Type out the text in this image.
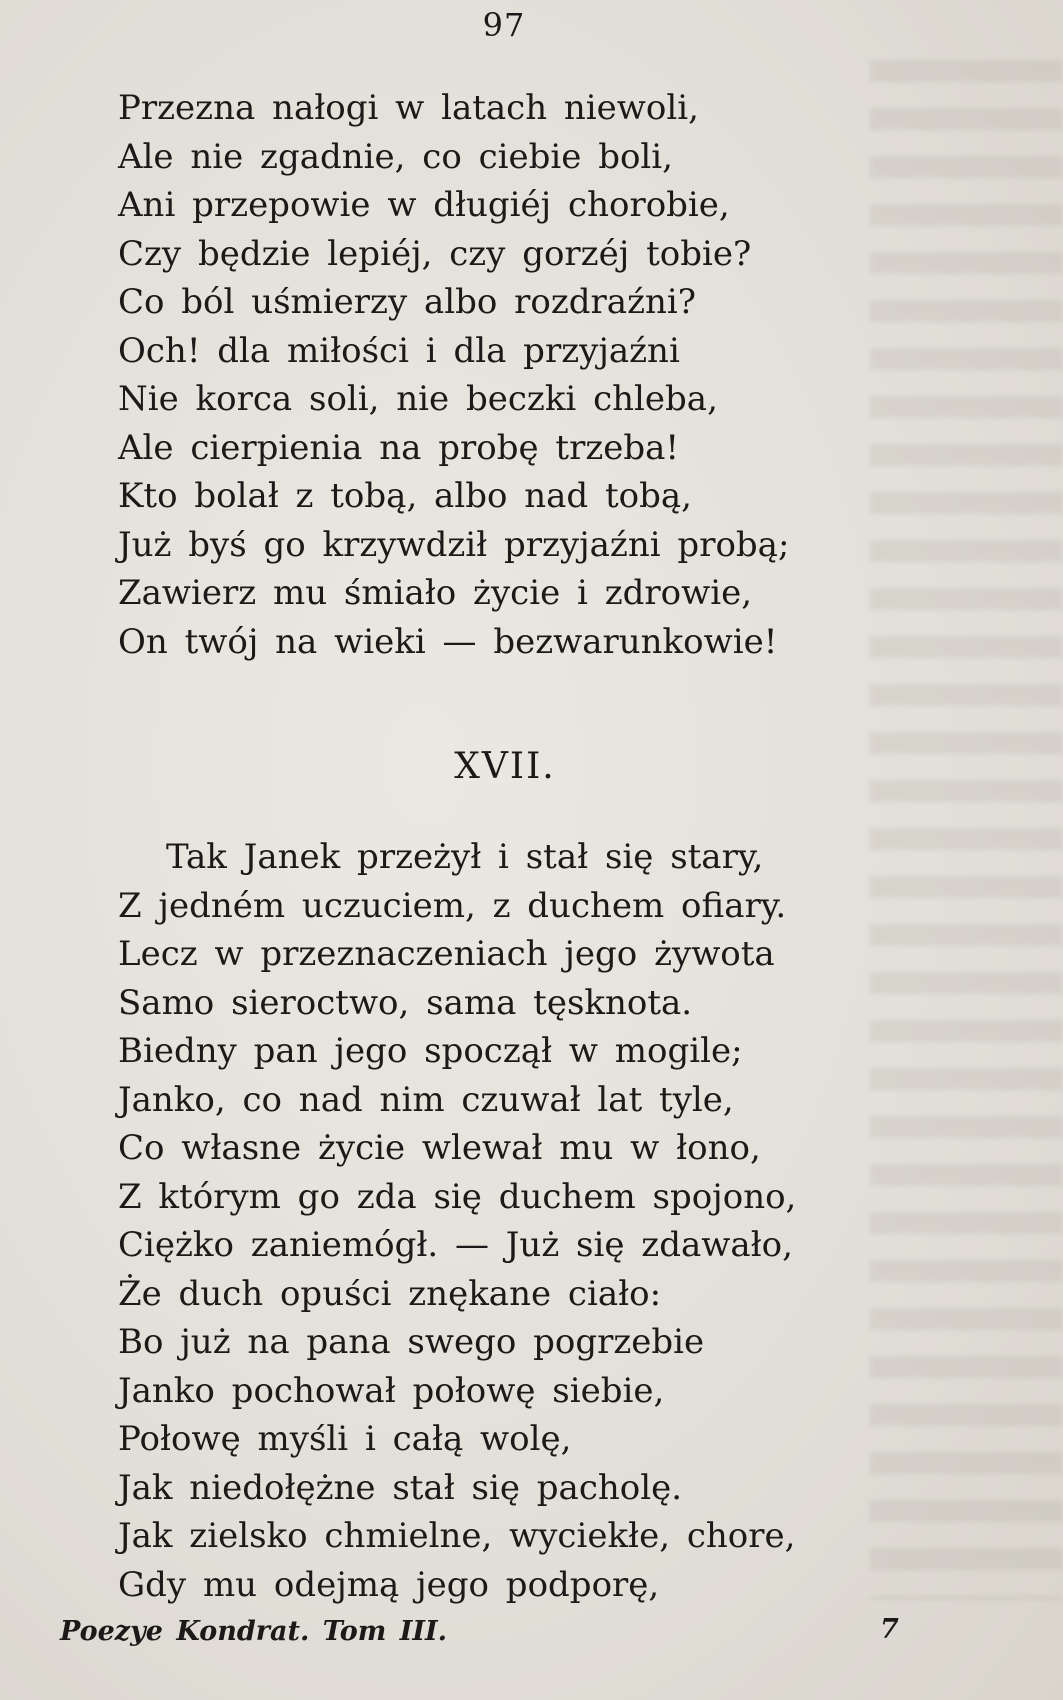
97
Przezna nałogi w latach niewoli,
Ale nie zgadnie, co ciebie boli,
Ani przepowie w długiéj chorobie,
Czy będzie lepiéj, czy gorzéj tobie?
Co ból uśmierzy albo rozdraźni?
Och! dla miłości i dla przyjaźni
Nie korca soli, nie beczki chleba,
Ale cierpienia na probę trzeba!
Kto bolał z tobą, albo nad tobą,
Już byś go krzywdził przyjaźni probą;
Zawierz mu śmiało życie i zdrowie,
On twój na wieki — bezwarunkowie!
XVII.
Tak Janek przeżył i stał się stary,
Z jedném uczuciem, z duchem ofiary.
Lecz w przeznaczeniach jego żywota
Samo sieroctwo, sama tęsknota.
Biedny pan jego spoczął w mogile;
Janko, co nad nim czuwał lat tyle,
Co własne życie wlewał mu w łono,
Z którym go zda się duchem spojono,
Ciężko zaniemógł. — Już się zdawało,
Że duch opuści znękane ciało:
Bo już na pana swego pogrzebie
Janko pochował połowę siebie,
Połowę myśli i całą wolę,
Jak niedołężne stał się pacholę.
Jak zielsko chmielne, wyciekłe, chore,
Gdy mu odejmą jego podporę,
Poezye Kondrat. Tom III.	7
